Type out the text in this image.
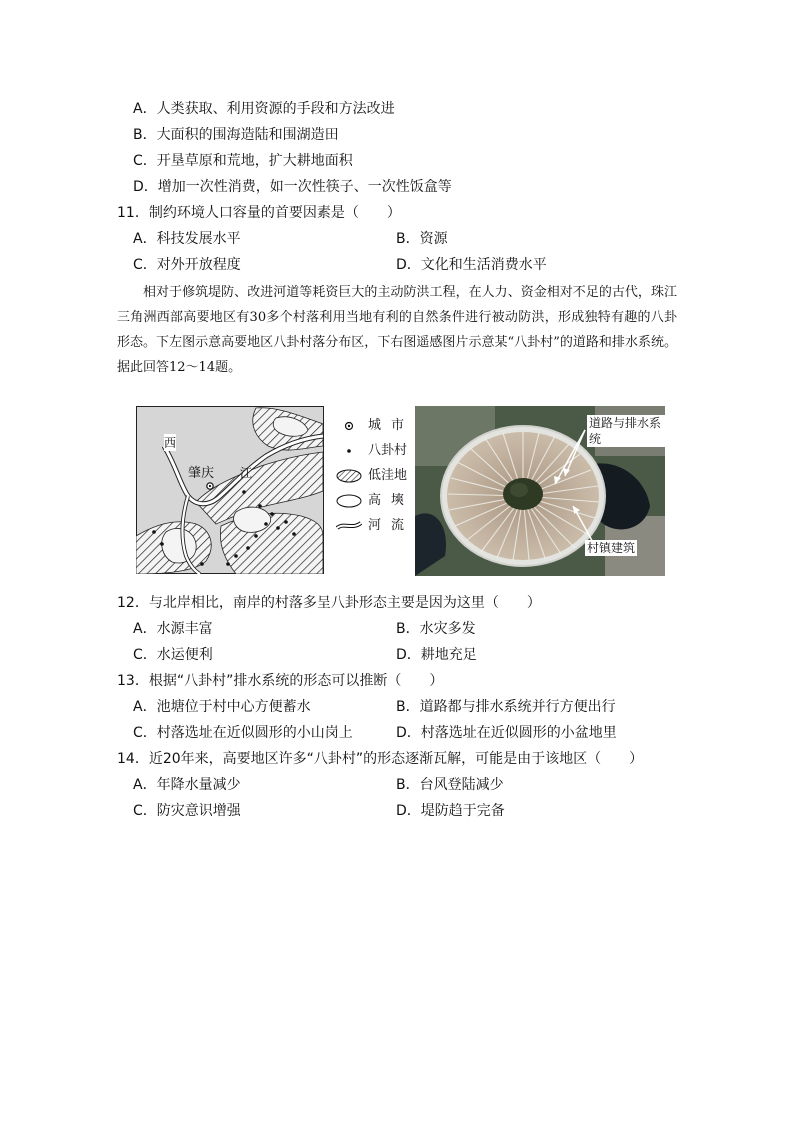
A．人类获取、利用资源的手段和方法改进
B．大面积的围海造陆和围湖造田
C．开垦草原和荒地，扩大耕地面积
D．增加一次性消费，如一次性筷子、一次性饭盒等
11．制约环境人口容量的首要因素是（　　）
A．科技发展水平	B．资源
C．对外开放程度	D．文化和生活消费水平

相对于修筑堤防、改进河道等耗资巨大的主动防洪工程，在人力、资金相对不足的古代，珠江三角洲西部高要地区有30多个村落利用当地有利的自然条件进行被动防洪，形成独特有趣的八卦形态。下左图示意高要地区八卦村落分布区，下右图遥感图片示意某“八卦村”的道路和排水系统。据此回答12～14题。

肇庆
西
江
城市
八卦村
低洼地
高塽
河流
道路与排水系统
村镇建筑
12．与北岸相比，南岸的村落多呈八卦形态主要是因为这里（　　）
A．水源丰富	B．水灾多发
C．水运便利	D．耕地充足
13．根据“八卦村”排水系统的形态可以推断（　　）
A．池塘位于村中心方便蓄水	B．道路都与排水系统并行方便出行
C．村落选址在近似圆形的小山岗上	D．村落选址在近似圆形的小盆地里
14．近20年来，高要地区许多“八卦村”的形态逐渐瓦解，可能是由于该地区（　　）
A．年降水量减少	B．台风登陆减少
C．防灾意识增强	D．堤防趋于完备
